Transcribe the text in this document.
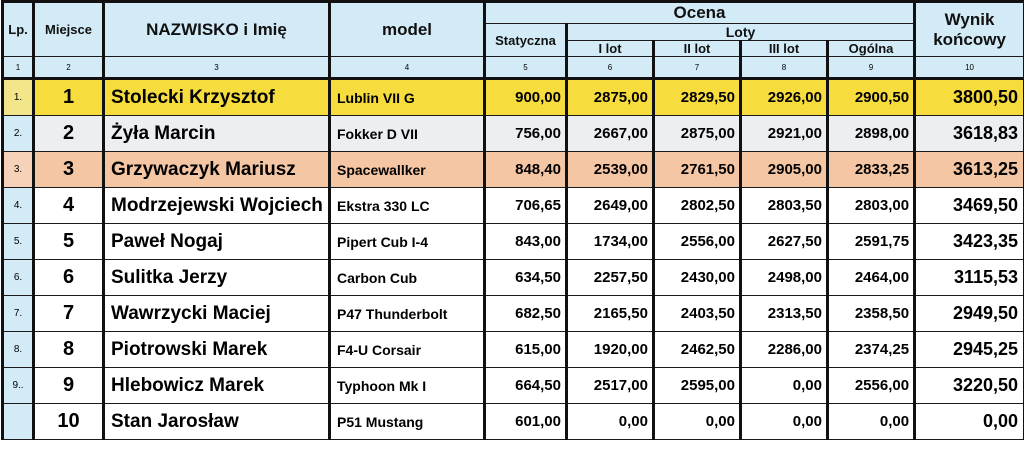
Lp.	Miejsce	NAZWISKO i Imię	model	Ocena					Wynik
końcowy
				Statyczna	Loty				
					I lot	II lot	III lot	Ogólna	
1	2	3	4	5	6	7	8	9	10
1.	1	Stolecki Krzysztof	Lublin VII G	900,00	2875,00	2829,50	2926,00	2900,50	3800,50
2.	2	Żyła Marcin	Fokker D VII	756,00	2667,00	2875,00	2921,00	2898,00	3618,83
3.	3	Grzywaczyk Mariusz	Spacewallker	848,40	2539,00	2761,50	2905,00	2833,25	3613,25
4.	4	Modrzejewski Wojciech	Ekstra 330 LC	706,65	2649,00	2802,50	2803,50	2803,00	3469,50
5.	5	Paweł Nogaj	Pipert Cub I-4	843,00	1734,00	2556,00	2627,50	2591,75	3423,35
6.	6	Sulitka Jerzy	Carbon Cub	634,50	2257,50	2430,00	2498,00	2464,00	3115,53
7.	7	Wawrzycki Maciej	P47 Thunderbolt	682,50	2165,50	2403,50	2313,50	2358,50	2949,50
8.	8	Piotrowski Marek	F4-U Corsair	615,00	1920,00	2462,50	2286,00	2374,25	2945,25
9..	9	Hlebowicz Marek	Typhoon Mk I	664,50	2517,00	2595,00	0,00	2556,00	3220,50
	10	Stan Jarosław	P51 Mustang	601,00	0,00	0,00	0,00	0,00	0,00
